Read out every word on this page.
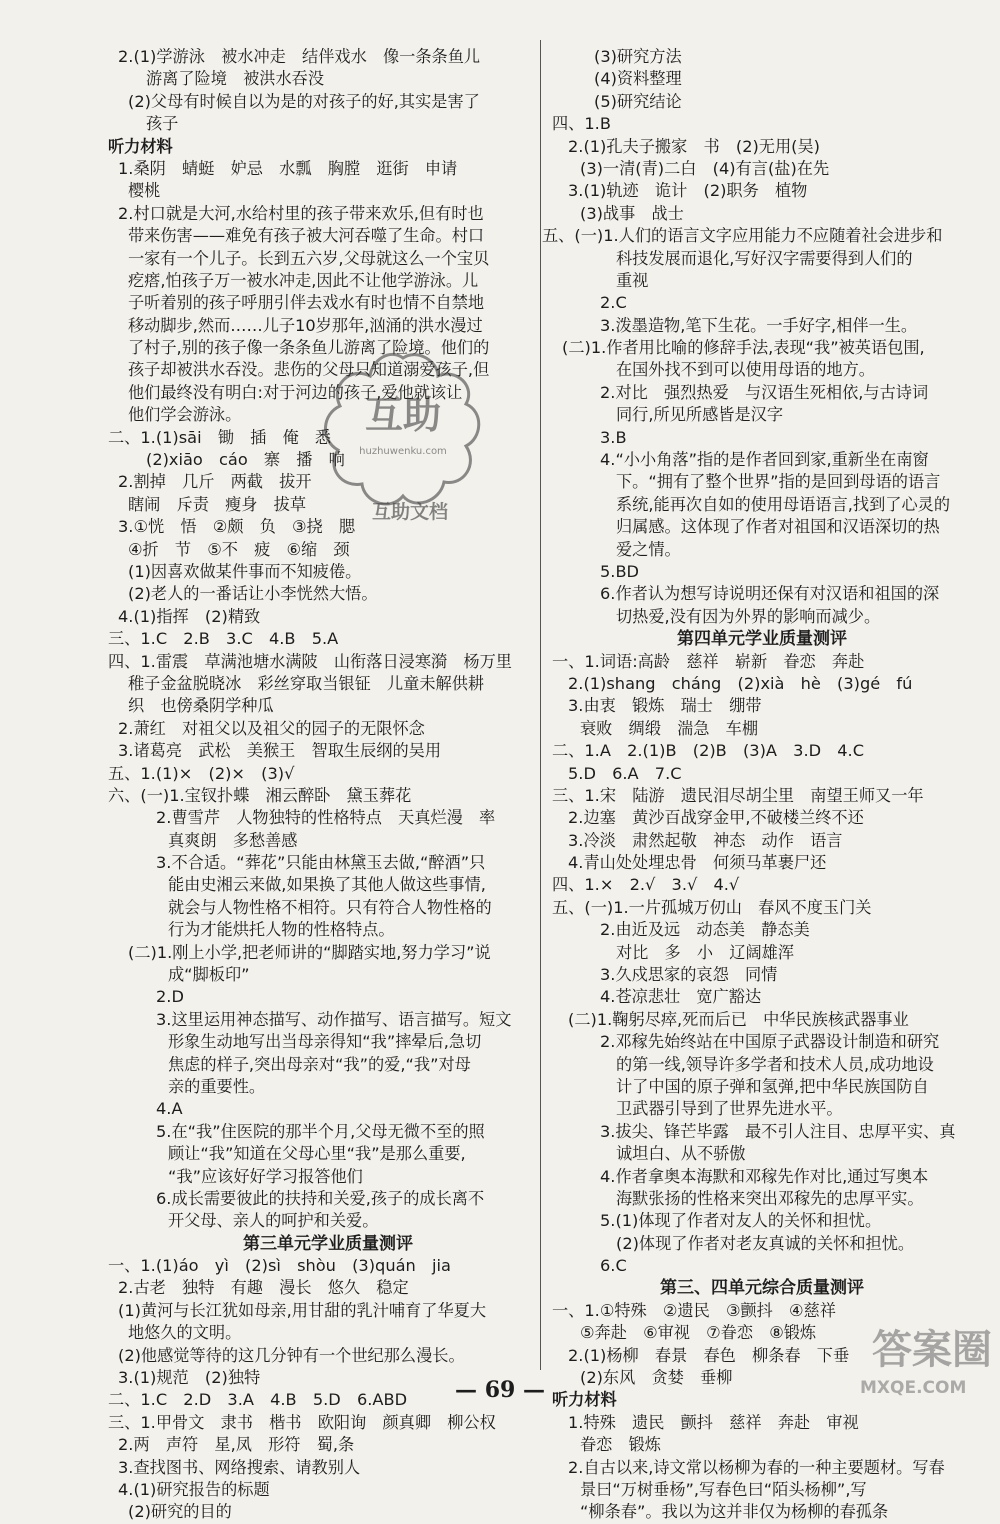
2.(1)学游泳　被水冲走　结伴戏水　像一条条鱼儿
游离了险境　被洪水吞没
(2)父母有时候自以为是的对孩子的好,其实是害了
孩子
听力材料
1.桑阴　蜻蜓　妒忌　水瓢　胸膛　逛街　申请
樱桃
2.村口就是大河,水给村里的孩子带来欢乐,但有时也
带来伤害——难免有孩子被大河吞噬了生命。村口
一家有一个儿子。长到五六岁,父母就这么一个宝贝
疙瘩,怕孩子万一被水冲走,因此不让他学游泳。儿
子听着别的孩子呼朋引伴去戏水有时也情不自禁地
移动脚步,然而……儿子10岁那年,汹涌的洪水漫过
了村子,别的孩子像一条条鱼儿游离了险境。他们的
孩子却被洪水吞没。悲伤的父母只知道溺爱孩子,但
他们最终没有明白:对于河边的孩子,爱他就该让
他们学会游泳。
二、1.(1)sāi　锄　插　俺　悉
(2)xiāo　cáo　寨　播　响
2.割掉　几斤　两截　拔开
瞎闹　斥责　瘦身　拔草
3.①恍　悟　②颇　负　③挠　腮
④折　节　⑤不　疲　⑥缩　颈
(1)因喜欢做某件事而不知疲倦。
(2)老人的一番话让小李恍然大悟。
4.(1)指挥　(2)精致
三、1.C　2.B　3.C　4.B　5.A
四、1.雷震　草满池塘水满陂　山衔落日浸寒漪　杨万里
稚子金盆脱晓冰　彩丝穿取当银钲　儿童未解供耕
织　也傍桑阴学种瓜
2.萧红　对祖父以及祖父的园子的无限怀念
3.诸葛亮　武松　美猴王　智取生辰纲的吴用
五、1.(1)×　(2)×　(3)√
六、(一)1.宝钗扑蝶　湘云醉卧　黛玉葬花
2.曹雪芹　人物独特的性格特点　天真烂漫　率
真爽朗　多愁善感
3.不合适。“葬花”只能由林黛玉去做,“醉酒”只
能由史湘云来做,如果换了其他人做这些事情,
就会与人物性格不相符。只有符合人物性格的
行为才能烘托人物的性格特点。
(二)1.刚上小学,把老师讲的“脚踏实地,努力学习”说
成“脚板印”
2.D
3.这里运用神态描写、动作描写、语言描写。短文
形象生动地写出当母亲得知“我”摔晕后,急切
焦虑的样子,突出母亲对“我”的爱,“我”对母
亲的重要性。
4.A
5.在“我”住医院的那半个月,父母无微不至的照
顾让“我”知道在父母心里“我”是那么重要,
“我”应该好好学习报答他们
6.成长需要彼此的扶持和关爱,孩子的成长离不
开父母、亲人的呵护和关爱。
第三单元学业质量测评
一、1.(1)áo　yì　(2)sì　shòu　(3)quán　jia
2.古老　独特　有趣　漫长　悠久　稳定
(1)黄河与长江犹如母亲,用甘甜的乳汁哺育了华夏大
地悠久的文明。
(2)他感觉等待的这几分钟有一个世纪那么漫长。
3.(1)规范　(2)独特
二、1.C　2.D　3.A　4.B　5.D　6.ABD
三、1.甲骨文　隶书　楷书　欧阳询　颜真卿　柳公权
2.两　声符　星,凤　形符　蜀,条
3.查找图书、网络搜索、请教别人
4.(1)研究报告的标题
(2)研究的目的
(3)研究方法
(4)资料整理
(5)研究结论
四、1.B
2.(1)孔夫子搬家　书　(2)无用(吴)
(3)一清(青)二白　(4)有言(盐)在先
3.(1)轨迹　诡计　(2)职务　植物
(3)战事　战士
五、(一)1.人们的语言文字应用能力不应随着社会进步和
科技发展而退化,写好汉字需要得到人们的
重视
2.C
3.泼墨造物,笔下生花。一手好字,相伴一生。
(二)1.作者用比喻的修辞手法,表现“我”被英语包围,
在国外找不到可以使用母语的地方。
2.对比　强烈热爱　与汉语生死相依,与古诗词
同行,所见所感皆是汉字
3.B
4.“小小角落”指的是作者回到家,重新坐在南窗
下。“拥有了整个世界”指的是回到母语的语言
系统,能再次自如的使用母语语言,找到了心灵的
归属感。这体现了作者对祖国和汉语深切的热
爱之情。
5.BD
6.作者认为想写诗说明还保有对汉语和祖国的深
切热爱,没有因为外界的影响而减少。
第四单元学业质量测评
一、1.词语:高龄　慈祥　崭新　眷恋　奔赴
2.(1)shang　cháng　(2)xià　hè　(3)gé　fú
3.由衷　锻炼　瑞士　绷带
衰败　绸缎　湍急　车棚
二、1.A　2.(1)B　(2)B　(3)A　3.D　4.C
5.D　6.A　7.C
三、1.宋　陆游　遗民泪尽胡尘里　南望王师又一年
2.边塞　黄沙百战穿金甲,不破楼兰终不还
3.冷淡　肃然起敬　神态　动作　语言
4.青山处处埋忠骨　何须马革裹尸还
四、1.×　2.√　3.√　4.√
五、(一)1.一片孤城万仞山　春风不度玉门关
2.由近及远　动态美　静态美
对比　多　小　辽阔雄浑
3.久戍思家的哀怨　同情
4.苍凉悲壮　宽广豁达
(二)1.鞠躬尽瘁,死而后已　中华民族核武器事业
2.邓稼先始终站在中国原子武器设计制造和研究
的第一线,领导许多学者和技术人员,成功地设
计了中国的原子弹和氢弹,把中华民族国防自
卫武器引导到了世界先进水平。
3.拔尖、锋芒毕露　最不引人注目、忠厚平实、真
诚坦白、从不骄傲
4.作者拿奥本海默和邓稼先作对比,通过写奥本
海默张扬的性格来突出邓稼先的忠厚平实。
5.(1)体现了作者对友人的关怀和担忧。
(2)体现了作者对老友真诚的关怀和担忧。
6.C
第三、四单元综合质量测评
一、1.①特殊　②遗民　③颤抖　④慈祥
⑤奔赴　⑥审视　⑦眷恋　⑧锻炼
2.(1)杨柳　春景　春色　柳条春　下垂
(2)东风　贪婪　垂柳
听力材料
1.特殊　遗民　颤抖　慈祥　奔赴　审视
眷恋　锻炼
2.自古以来,诗文常以杨柳为春的一种主要题材。写春
景曰“万树垂杨”,写春色曰“陌头杨柳”,写
“柳条春”。我以为这并非仅为杨柳的春孤条
互助
huzhuwenku.com
互助文档
— 69 —
答案圈
MXQE.COM
